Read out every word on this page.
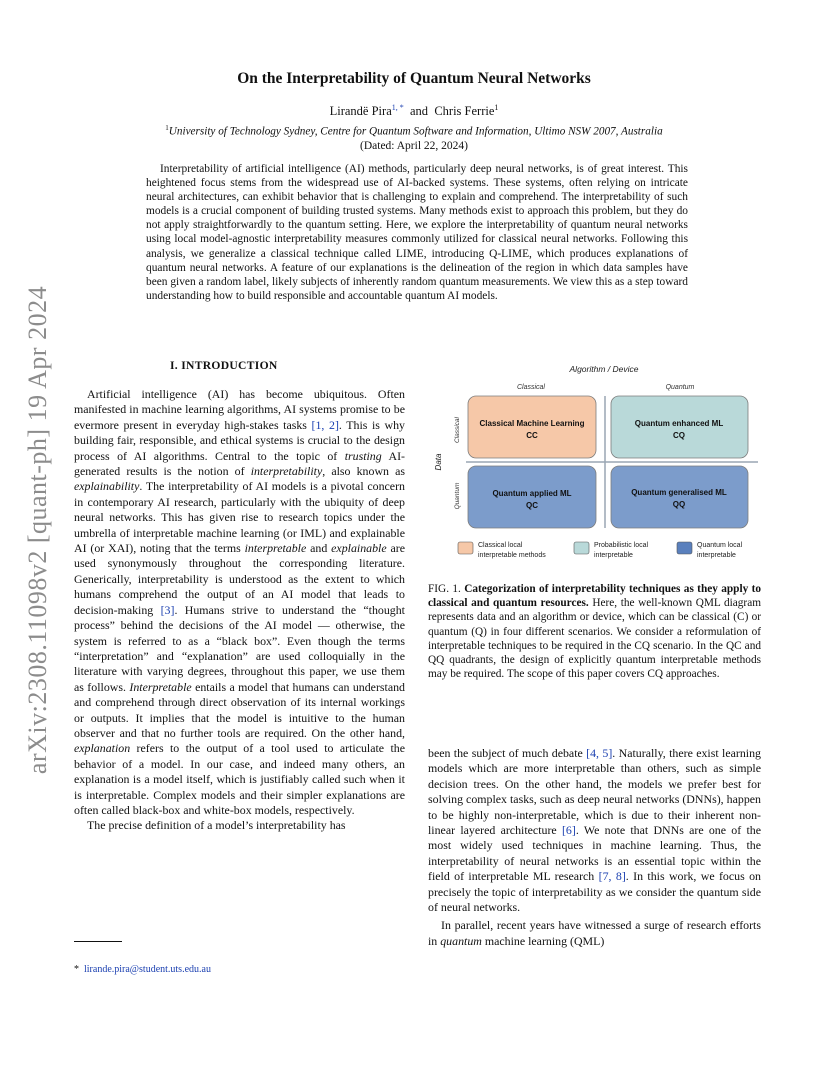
arXiv:2308.11098v2 [quant-ph] 19 Apr 2024
On the Interpretability of Quantum Neural Networks
Lirandë Pira$^{1, *}$ and Chris Ferrie$^1$
$^1$University of Technology Sydney, Centre for Quantum Software and Information, Ultimo NSW 2007, Australia
(Dated: April 22, 2024)
Interpretability of artificial intelligence (AI) methods, particularly deep neural networks, is of great interest. This heightened focus stems from the widespread use of AI-backed systems. These systems, often relying on intricate neural architectures, can exhibit behavior that is challenging to explain and comprehend. The interpretability of such models is a crucial component of building trusted systems. Many methods exist to approach this problem, but they do not apply straightforwardly to the quantum setting. Here, we explore the interpretability of quantum neural networks using local model-agnostic interpretability measures commonly utilized for classical neural networks. Following this analysis, we generalize a classical technique called LIME, introducing Q-LIME, which produces explanations of quantum neural networks. A feature of our explanations is the delineation of the region in which data samples have been given a random label, likely subjects of inherently random quantum measurements. We view this as a step toward understanding how to build responsible and accountable quantum AI models.
I. INTRODUCTION

Artificial intelligence (AI) has become ubiquitous. Often manifested in machine learning algorithms, AI systems promise to be evermore present in everyday high-stakes tasks [1, 2]. This is why building fair, responsible, and ethical systems is crucial to the design process of AI algorithms. Central to the topic of trusting AI-generated results is the notion of interpretability, also known as explainability. The interpretability of AI models is a pivotal concern in contemporary AI research, particularly with the ubiquity of deep neural networks. This has given rise to research topics under the umbrella of interpretable machine learning (or IML) and explainable AI (or XAI), noting that the terms interpretable and explainable are used synonymously throughout the corresponding literature. Generically, interpretability is understood as the extent to which humans comprehend the output of an AI model that leads to decision-making [3]. Humans strive to understand the “thought process” behind the decisions of the AI model — otherwise, the system is referred to as a “black box”. Even though the terms “interpretation” and “explanation” are used colloquially in the literature with varying degrees, throughout this paper, we use them as follows. Interpretable entails a model that humans can understand and comprehend through direct observation of its internal workings or outputs. It implies that the model is intuitive to the human observer and that no further tools are required. On the other hand, explanation refers to the output of a tool used to articulate the behavior of a model. In our case, and indeed many others, an explanation is a model itself, which is justifiably called such when it is interpretable. Complex models and their simpler explanations are often called black-box and white-box models, respectively.

The precise definition of a model’s interpretability has

* lirande.pira@student.uts.edu.au
Algorithm / Device
Classical	Quantum
Data
Classical
Quantum
Classical Machine Learning
CC
Quantum enhanced ML
CQ
Quantum applied ML
QC
Quantum generalised ML
QQ
Classical local
interpretable methods
Probabilistic local
interpretable
Quantum local
interpretable
FIG. 1. Categorization of interpretability techniques as they apply to classical and quantum resources. Here, the well-known QML diagram represents data and an algorithm or device, which can be classical (C) or quantum (Q) in four different scenarios. We consider a reformulation of interpretable techniques to be required in the CQ scenario. In the QC and QQ quadrants, the design of explicitly quantum interpretable methods may be required. The scope of this paper covers CQ approaches.

been the subject of much debate [4, 5]. Naturally, there exist learning models which are more interpretable than others, such as simple decision trees. On the other hand, the models we prefer best for solving complex tasks, such as deep neural networks (DNNs), happen to be highly non-interpretable, which is due to their inherent non-linear layered architecture [6]. We note that DNNs are one of the most widely used techniques in machine learning. Thus, the interpretability of neural networks is an essential topic within the field of interpretable ML research [7, 8]. In this work, we focus on precisely the topic of interpretability as we consider the quantum side of neural networks.

In parallel, recent years have witnessed a surge of research efforts in quantum machine learning (QML)
